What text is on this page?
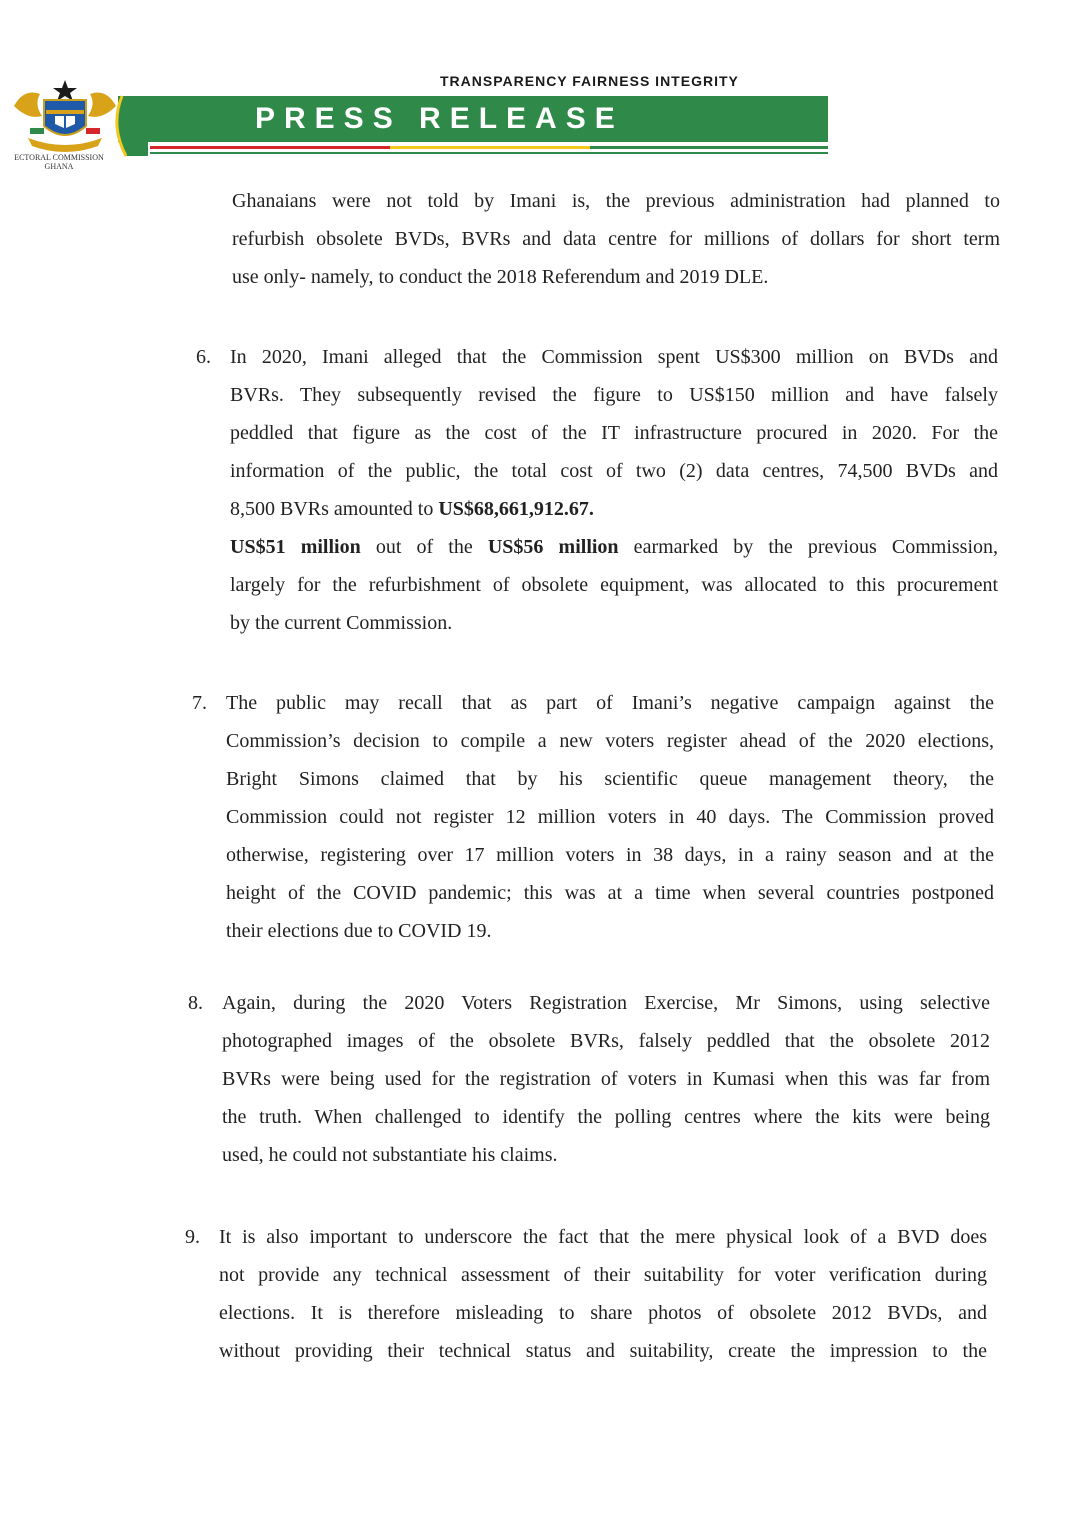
TRANSPARENCY FAIRNESS INTEGRITY
ECTORAL COMMISSION
GHANA
PRESS RELEASE
Ghanaians were not told by Imani is, the previous administration had planned to
refurbish obsolete BVDs, BVRs and data centre for millions of dollars for short term
use only- namely, to conduct the 2018 Referendum and 2019 DLE.
6. In 2020, Imani alleged that the Commission spent US$300 million on BVDs and
BVRs. They subsequently revised the figure to US$150 million and have falsely
peddled that figure as the cost of the IT infrastructure procured in 2020. For the
information of the public, the total cost of two (2) data centres, 74,500 BVDs and
8,500 BVRs amounted to US$68,661,912.67.
US$51 million out of the US$56 million earmarked by the previous Commission,
largely for the refurbishment of obsolete equipment, was allocated to this procurement
by the current Commission.
7. The public may recall that as part of Imani’s negative campaign against the
Commission’s decision to compile a new voters register ahead of the 2020 elections,
Bright Simons claimed that by his scientific queue management theory, the
Commission could not register 12 million voters in 40 days. The Commission proved
otherwise, registering over 17 million voters in 38 days, in a rainy season and at the
height of the COVID pandemic; this was at a time when several countries postponed
their elections due to COVID 19.
8. Again, during the 2020 Voters Registration Exercise, Mr Simons, using selective
photographed images of the obsolete BVRs, falsely peddled that the obsolete 2012
BVRs were being used for the registration of voters in Kumasi when this was far from
the truth. When challenged to identify the polling centres where the kits were being
used, he could not substantiate his claims.
9. It is also important to underscore the fact that the mere physical look of a BVD does
not provide any technical assessment of their suitability for voter verification during
elections. It is therefore misleading to share photos of obsolete 2012 BVDs, and
without providing their technical status and suitability, create the impression to the
